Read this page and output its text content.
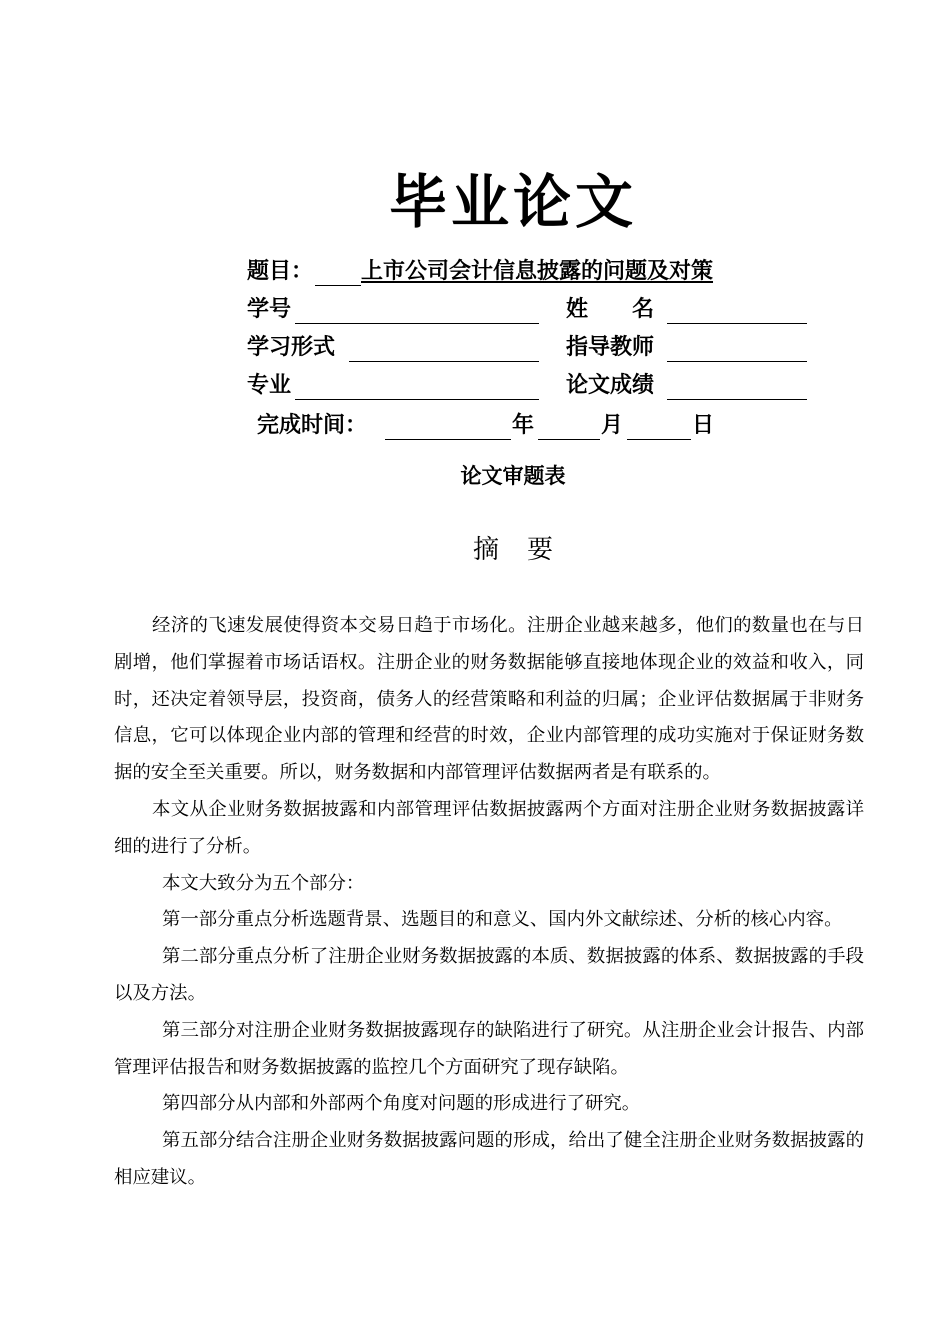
毕业论文
题目： 上市公司会计信息披露的问题及对策
学号	姓　　名
学习形式	指导教师
专业	论文成绩
完成时间：	年	月	日
论文审题表
摘要

经济的飞速发展使得资本交易日趋于市场化。注册企业越来越多，他们的数量也在与日剧增，他们掌握着市场话语权。注册企业的财务数据能够直接地体现企业的效益和收入，同时，还决定着领导层，投资商，债务人的经营策略和利益的归属；企业评估数据属于非财务信息，它可以体现企业内部的管理和经营的时效，企业内部管理的成功实施对于保证财务数据的安全至关重要。所以，财务数据和内部管理评估数据两者是有联系的。

本文从企业财务数据披露和内部管理评估数据披露两个方面对注册企业财务数据披露详细的进行了分析。

本文大致分为五个部分：

第一部分重点分析选题背景、选题目的和意义、国内外文献综述、分析的核心内容。

第二部分重点分析了注册企业财务数据披露的本质、数据披露的体系、数据披露的手段以及方法。

第三部分对注册企业财务数据披露现存的缺陷进行了研究。从注册企业会计报告、内部管理评估报告和财务数据披露的监控几个方面研究了现存缺陷。

第四部分从内部和外部两个角度对问题的形成进行了研究。

第五部分结合注册企业财务数据披露问题的形成，给出了健全注册企业财务数据披露的相应建议。
